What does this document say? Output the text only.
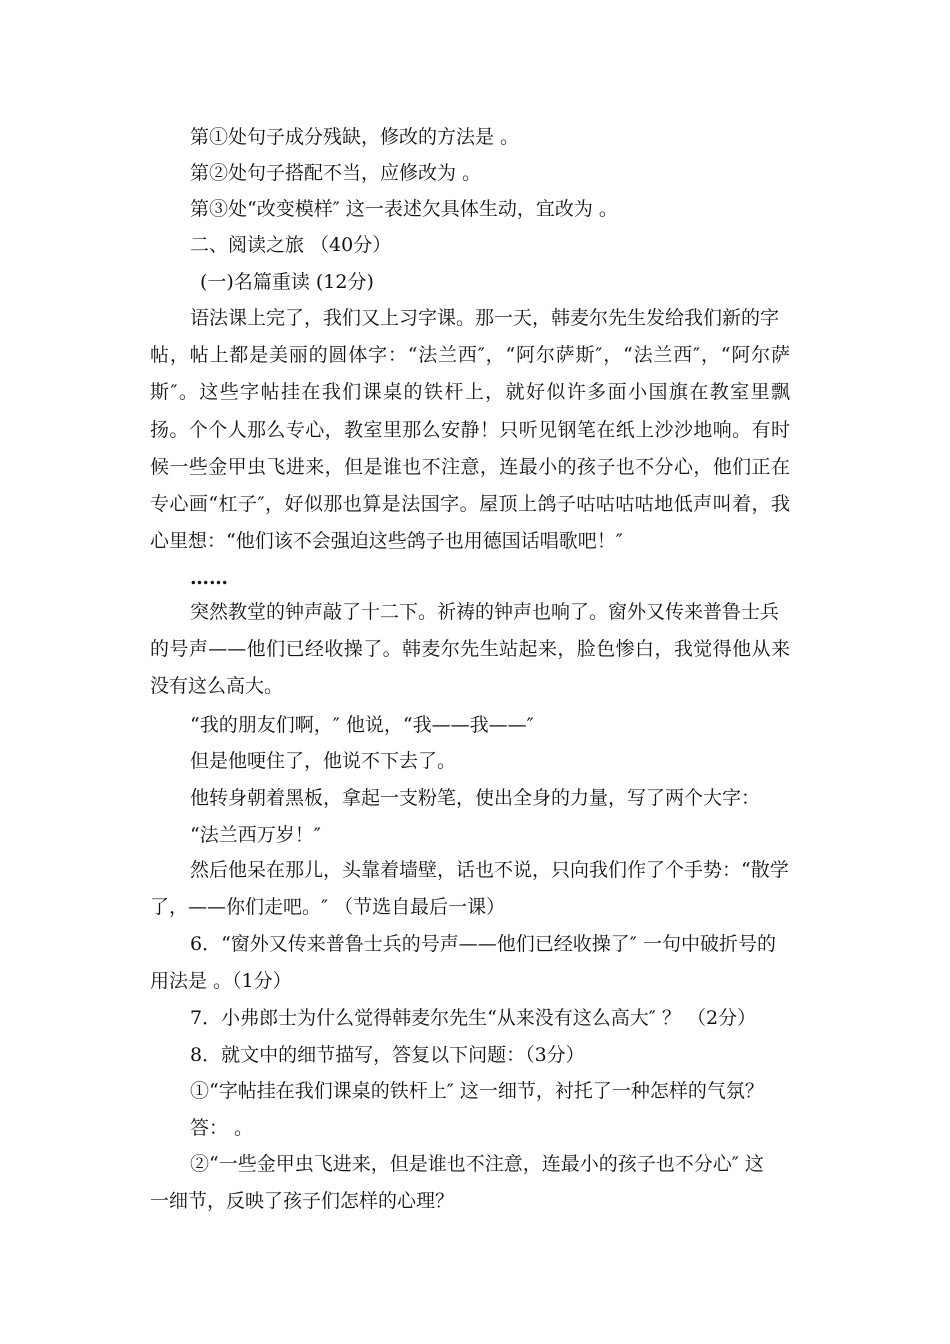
第①处句子成分残缺，修改的方法是 。
第②处句子搭配不当，应修改为 。
第③处“改变模样″ 这一表述欠具体生动，宜改为 。
二、阅读之旅 （40分）
(一)名篇重读 (12分)
语法课上完了，我们又上习字课。那一天，韩麦尔先生发给我们新的字
帖，帖上都是美丽的圆体字：“法兰西″，“阿尔萨斯″，“法兰西″，“阿尔萨
斯″。这些字帖挂在我们课桌的铁杆上，就好似许多面小国旗在教室里飘
扬。个个人那么专心，教室里那么安静！只听见钢笔在纸上沙沙地响。有时
候一些金甲虫飞进来，但是谁也不注意，连最小的孩子也不分心，他们正在
专心画“杠子″，好似那也算是法国字。屋顶上鸽子咕咕咕咕地低声叫着，我
心里想：“他们该不会强迫这些鸽子也用德国话唱歌吧！″
……
突然教堂的钟声敲了十二下。祈祷的钟声也响了。窗外又传来普鲁士兵
的号声——他们已经收操了。韩麦尔先生站起来，脸色惨白，我觉得他从来
没有这么高大。
“我的朋友们啊，″ 他说，“我——我——″
但是他哽住了，他说不下去了。
他转身朝着黑板，拿起一支粉笔，使出全身的力量，写了两个大字：
“法兰西万岁！″
然后他呆在那儿，头靠着墙壁，话也不说，只向我们作了个手势：“散学
了，——你们走吧。″ （节选自最后一课）
6．“窗外又传来普鲁士兵的号声——他们已经收操了″ 一句中破折号的
用法是 。（1分）
7．小弗郎士为什么觉得韩麦尔先生“从来没有这么高大″ ？ （2分）
8．就文中的细节描写，答复以下问题：（3分）
①“字帖挂在我们课桌的铁杆上″ 这一细节，衬托了一种怎样的气氛？
答： 。
②“一些金甲虫飞进来，但是谁也不注意，连最小的孩子也不分心″ 这
一细节，反映了孩子们怎样的心理？
